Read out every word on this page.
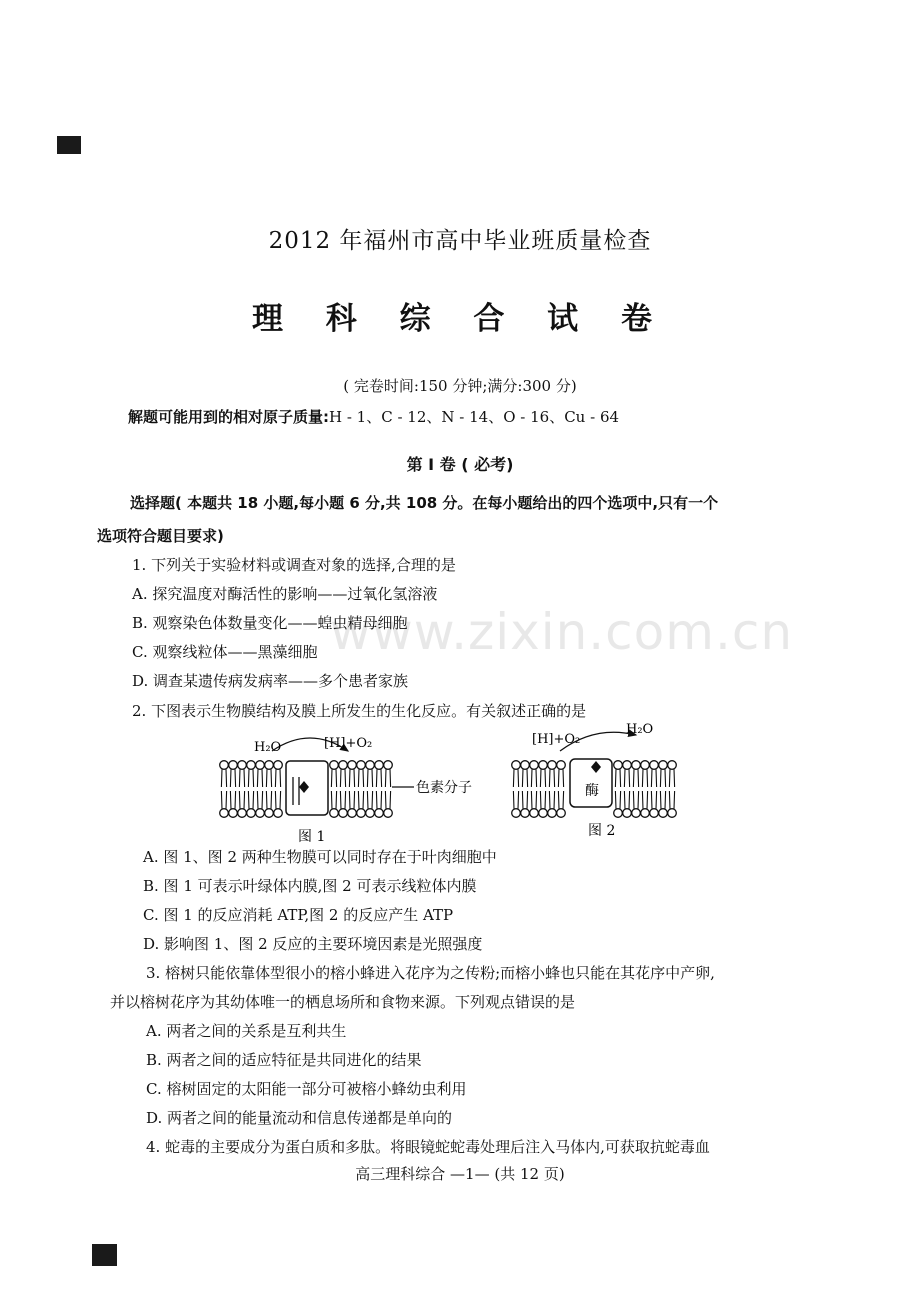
www.zixin.com.cn
2012 年福州市高中毕业班质量检查
理 科 综 合 试 卷
( 完卷时间:150 分钟;满分:300 分)
解题可能用到的相对原子质量:H - 1、C - 12、N - 14、O - 16、Cu - 64
第 Ⅰ 卷 ( 必考)
选择题( 本题共 18 小题,每小题 6 分,共 108 分。在每小题给出的四个选项中,只有一个
选项符合题目要求)
1. 下列关于实验材料或调查对象的选择,合理的是
A. 探究温度对酶活性的影响——过氧化氢溶液
B. 观察染色体数量变化——蝗虫精母细胞
C. 观察线粒体——黑藻细胞
D. 调查某遗传病发病率——多个患者家族
2. 下图表示生物膜结构及膜上所发生的生化反应。有关叙述正确的是
H₂O	[H]+O₂
色素分子
图 1
[H]+O₂
H₂O
酶
图 2
A. 图 1、图 2 两种生物膜可以同时存在于叶肉细胞中
B. 图 1 可表示叶绿体内膜,图 2 可表示线粒体内膜
C. 图 1 的反应消耗 ATP,图 2 的反应产生 ATP
D. 影响图 1、图 2 反应的主要环境因素是光照强度
3. 榕树只能依靠体型很小的榕小蜂进入花序为之传粉;而榕小蜂也只能在其花序中产卵,
并以榕树花序为其幼体唯一的栖息场所和食物来源。下列观点错误的是
A. 两者之间的关系是互利共生
B. 两者之间的适应特征是共同进化的结果
C. 榕树固定的太阳能一部分可被榕小蜂幼虫利用
D. 两者之间的能量流动和信息传递都是单向的
4. 蛇毒的主要成分为蛋白质和多肽。将眼镜蛇蛇毒处理后注入马体内,可获取抗蛇毒血
高三理科综合 —1— (共 12 页)
